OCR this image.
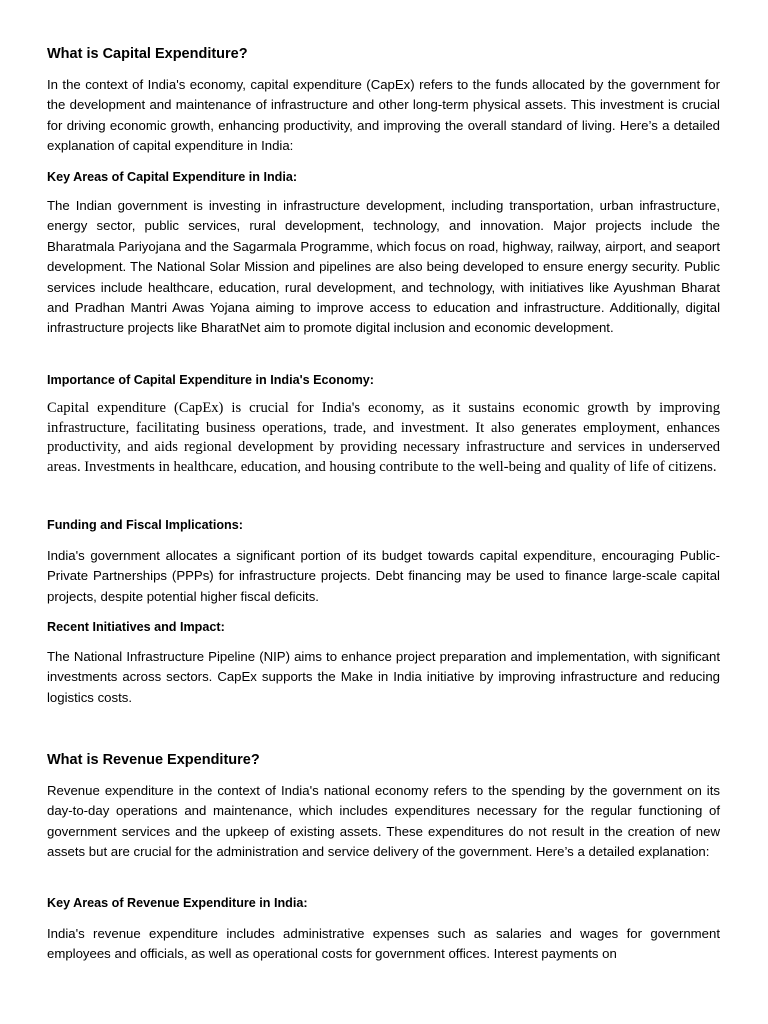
What is Capital Expenditure?

In the context of India's economy, capital expenditure (CapEx) refers to the funds allocated by the government for the development and maintenance of infrastructure and other long-term physical assets. This investment is crucial for driving economic growth, enhancing productivity, and improving the overall standard of living. Here’s a detailed explanation of capital expenditure in India:

Key Areas of Capital Expenditure in India:

The Indian government is investing in infrastructure development, including transportation, urban infrastructure, energy sector, public services, rural development, technology, and innovation. Major projects include the Bharatmala Pariyojana and the Sagarmala Programme, which focus on road, highway, railway, airport, and seaport development. The National Solar Mission and pipelines are also being developed to ensure energy security. Public services include healthcare, education, rural development, and technology, with initiatives like Ayushman Bharat and Pradhan Mantri Awas Yojana aiming to improve access to education and infrastructure. Additionally, digital infrastructure projects like BharatNet aim to promote digital inclusion and economic development.

Importance of Capital Expenditure in India's Economy:

Capital expenditure (CapEx) is crucial for India's economy, as it sustains economic growth by improving infrastructure, facilitating business operations, trade, and investment. It also generates employment, enhances productivity, and aids regional development by providing necessary infrastructure and services in underserved areas. Investments in healthcare, education, and housing contribute to the well-being and quality of life of citizens.

Funding and Fiscal Implications:

India's government allocates a significant portion of its budget towards capital expenditure, encouraging Public-Private Partnerships (PPPs) for infrastructure projects. Debt financing may be used to finance large-scale capital projects, despite potential higher fiscal deficits.

Recent Initiatives and Impact:

The National Infrastructure Pipeline (NIP) aims to enhance project preparation and implementation, with significant investments across sectors. CapEx supports the Make in India initiative by improving infrastructure and reducing logistics costs.

What is Revenue Expenditure?

Revenue expenditure in the context of India's national economy refers to the spending by the government on its day-to-day operations and maintenance, which includes expenditures necessary for the regular functioning of government services and the upkeep of existing assets. These expenditures do not result in the creation of new assets but are crucial for the administration and service delivery of the government. Here’s a detailed explanation:

Key Areas of Revenue Expenditure in India:

India's revenue expenditure includes administrative expenses such as salaries and wages for government employees and officials, as well as operational costs for government offices. Interest payments on
